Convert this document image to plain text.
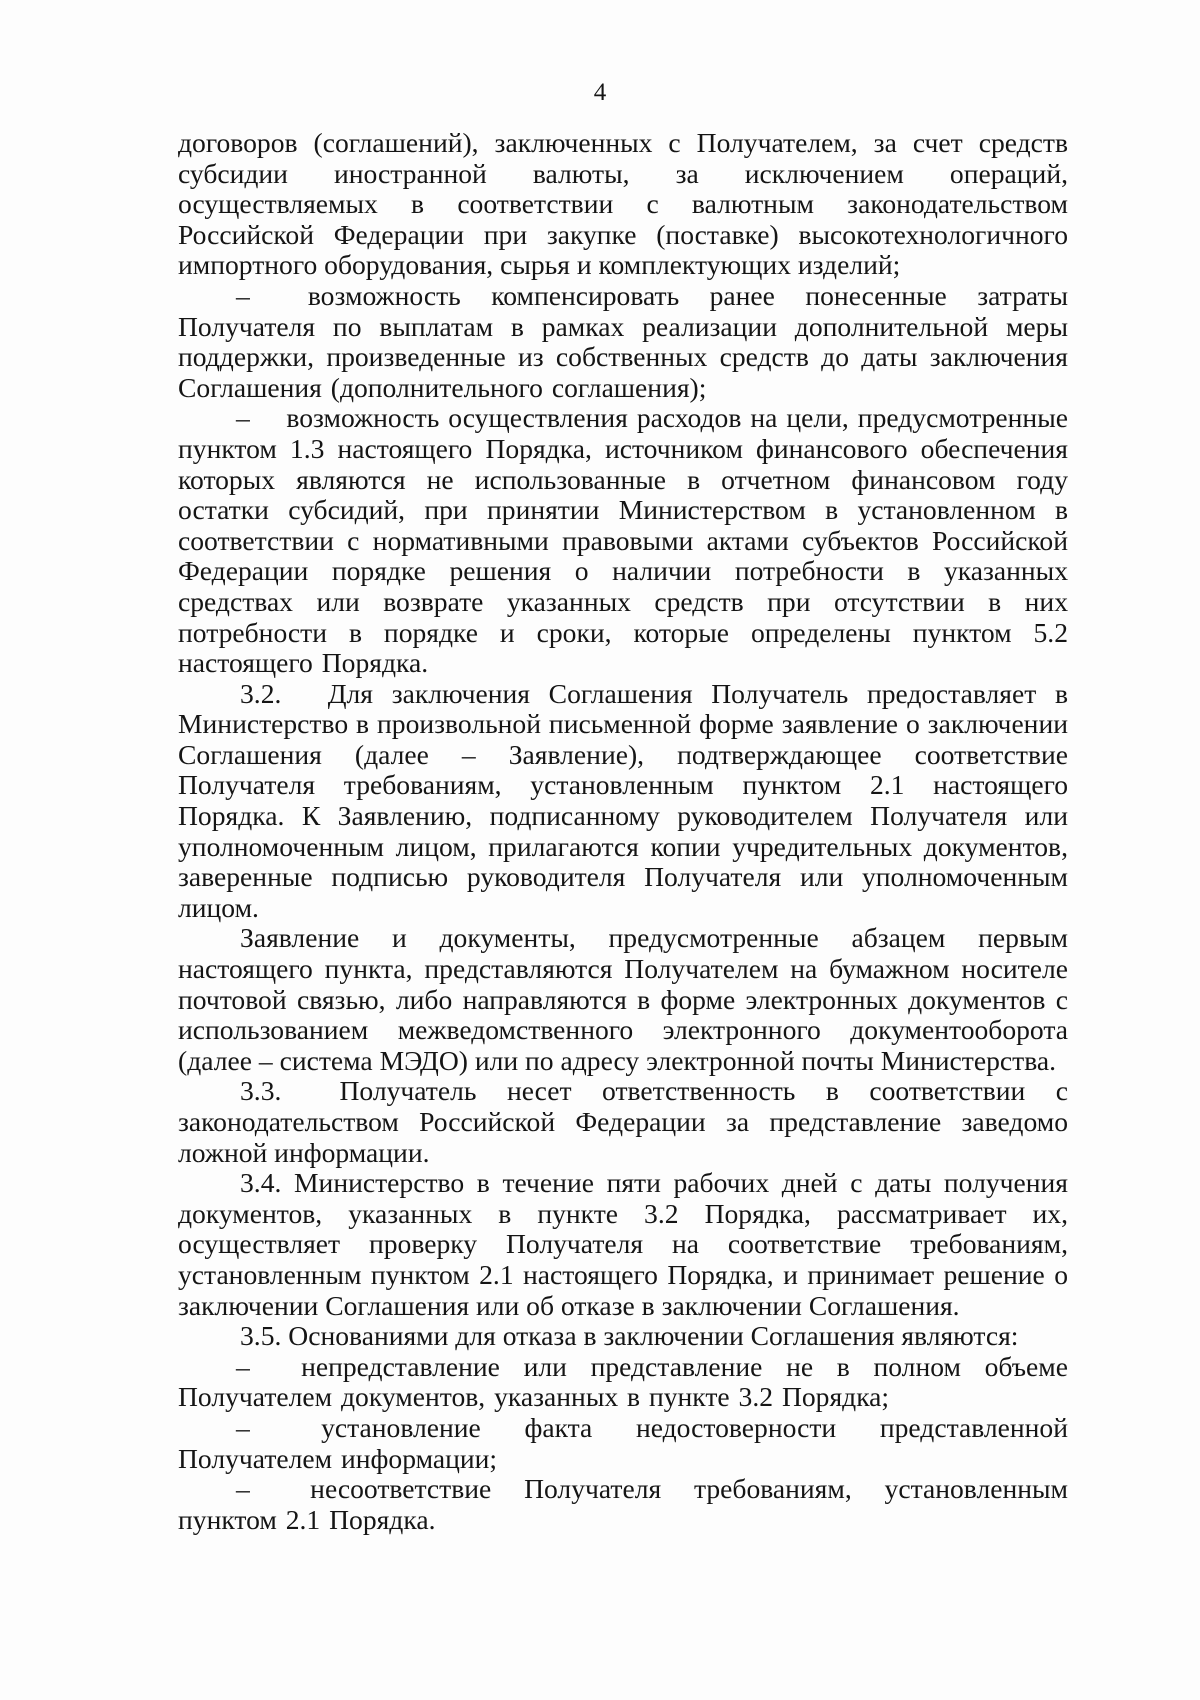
4

договоров (соглашений), заключенных с Получателем, за счет средств субсидии иностранной валюты, за исключением операций, осуществляемых в соответствии с валютным законодательством Российской Федерации при закупке (поставке) высокотехнологичного импортного оборудования, сырья и комплектующих изделий;

–  возможность компенсировать ранее понесенные затраты Получателя по выплатам в рамках реализации дополнительной меры поддержки, произведенные из собственных средств до даты заключения Соглашения (дополнительного соглашения);

–  возможность осуществления расходов на цели, предусмотренные пунктом 1.3 настоящего Порядка, источником финансового обеспечения которых являются не использованные в отчетном финансовом году остатки субсидий, при принятии Министерством в установленном в соответствии с нормативными правовыми актами субъектов Российской Федерации порядке решения о наличии потребности в указанных средствах или возврате указанных средств при отсутствии в них потребности в порядке и сроки, которые определены пунктом 5.2 настоящего Порядка.

3.2.  Для заключения Соглашения Получатель предоставляет в Министерство в произвольной письменной форме заявление о заключении Соглашения (далее – Заявление), подтверждающее соответствие Получателя требованиям, установленным пунктом 2.1 настоящего Порядка. К Заявлению, подписанному руководителем Получателя или уполномоченным лицом, прилагаются копии учредительных документов, заверенные подписью руководителя Получателя или уполномоченным лицом.

Заявление и документы, предусмотренные абзацем первым настоящего пункта, представляются Получателем на бумажном носителе почтовой связью, либо направляются в форме электронных документов с использованием межведомственного электронного документооборота (далее – система МЭДО) или по адресу электронной почты Министерства.

3.3.  Получатель несет ответственность в соответствии с законодательством Российской Федерации за представление заведомо ложной информации.

3.4. Министерство в течение пяти рабочих дней с даты получения документов, указанных в пункте 3.2 Порядка, рассматривает их, осуществляет проверку Получателя на соответствие требованиям, установленным пунктом 2.1 настоящего Порядка, и принимает решение о заключении Соглашения или об отказе в заключении Соглашения.

3.5. Основаниями для отказа в заключении Соглашения являются:

–  непредставление или представление не в полном объеме Получателем документов, указанных в пункте 3.2 Порядка;

–  установление факта недостоверности представленной Получателем информации;

–  несоответствие Получателя требованиям, установленным пунктом 2.1 Порядка.
